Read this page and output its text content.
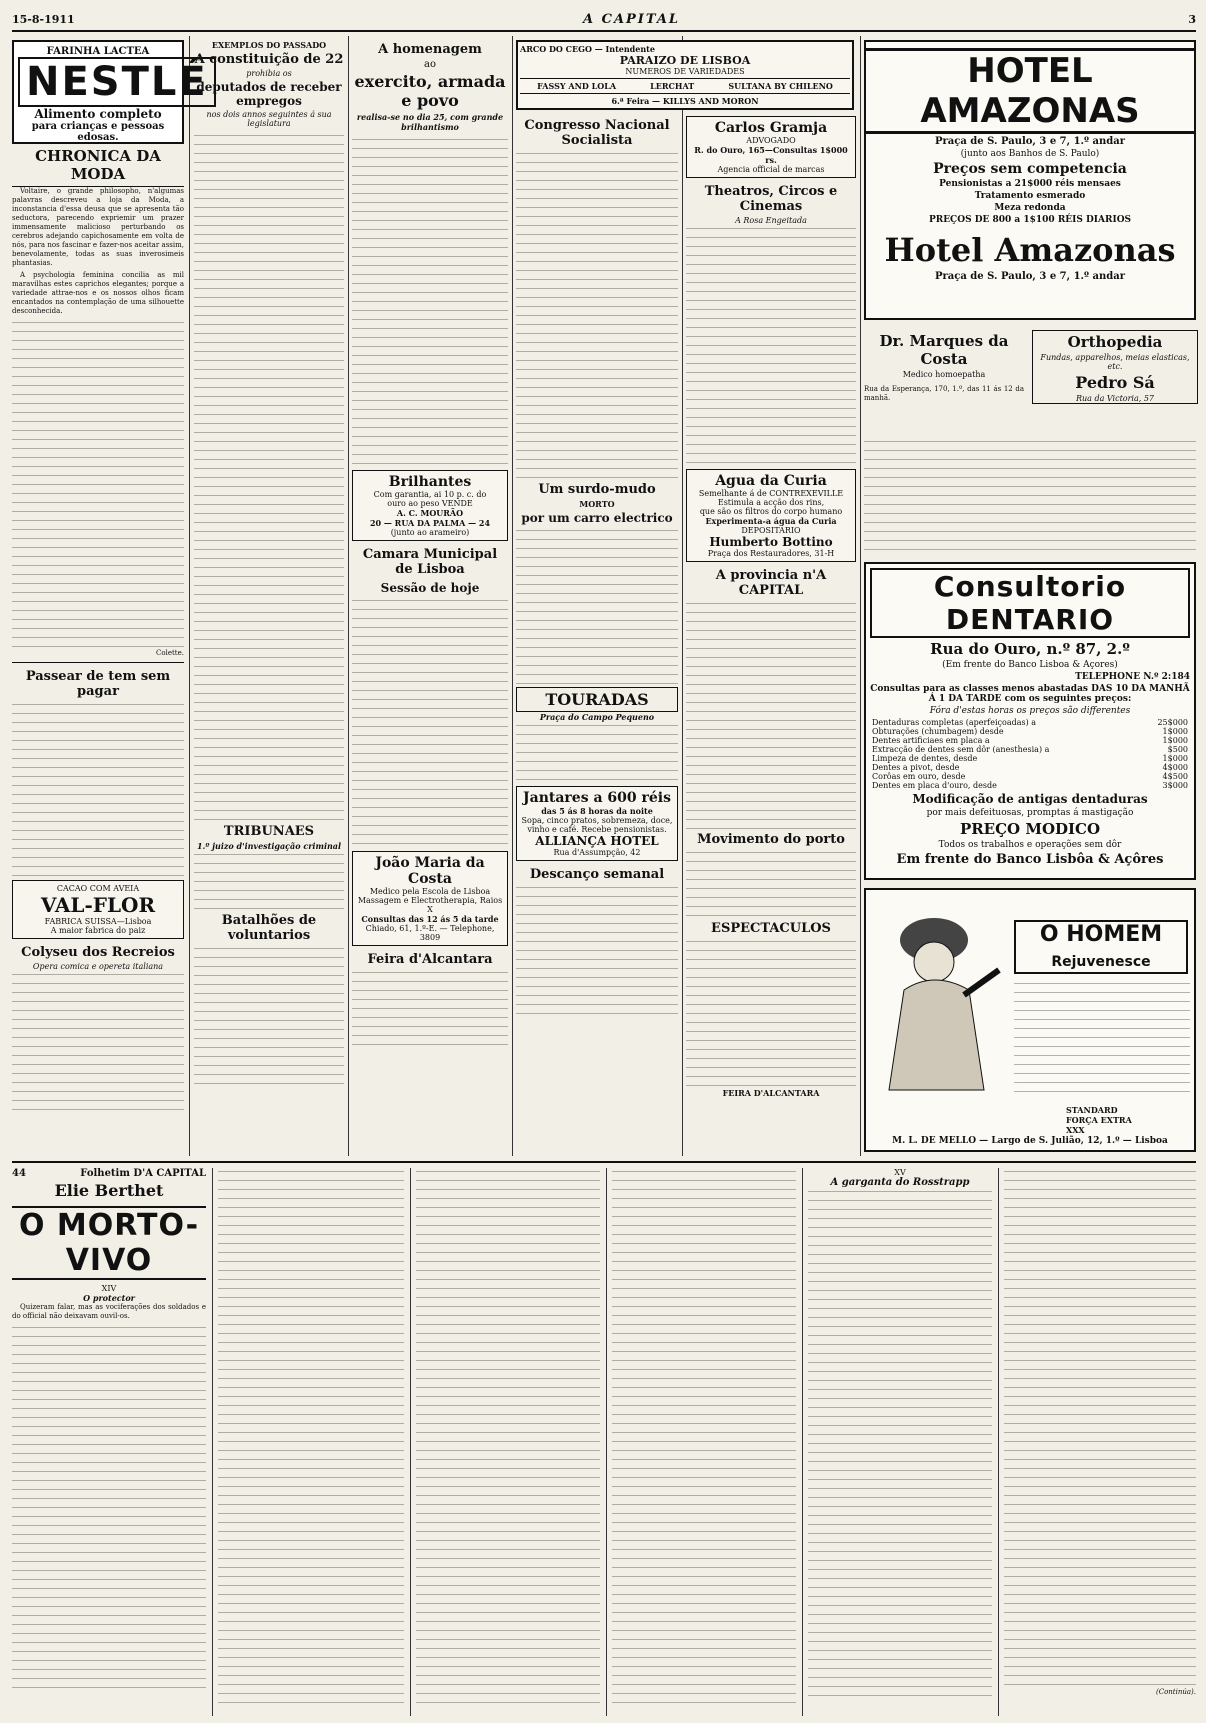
15-8-1911	A CAPITAL	3
FARINHA LACTEA
NESTLÉ
Alimento completo
para crianças e pessoas edosas.
CHRONICA DA MODA

Voltaire, o grande philosopho, n'algumas palavras descreveu a loja da Moda, a inconstancia d'essa deusa que se apresenta tão seductora, parecendo expriemir um prazer immensamente malicioso perturbando os cerebros adejando capichosamente em volta de nós, para nos fascinar e fazer-nos aceitar assim, benevolamente, todas as suas inverosimeis phantasias.

A psychologia feminina concilia as mil maravilhas estes caprichos elegantes; porque a variedade attrae-nos e os nossos olhos ficam encantados na contemplação de uma silhouette desconhecida.

Colette.
Passear de tem sem pagar
CACAO COM AVEIA
VAL-FLOR
FABRICA SUISSA—Lisboa
A maior fabrica do paiz
Colyseu dos Recreios
Opera comica e opereta italiana
EXEMPLOS DO PASSADO
A constituição de 22
prohibia os
deputados de receber empregos
nos dois annos seguintes á sua legislatura
TRIBUNAES
1.º juizo d'investigação criminal
Batalhões de voluntarios
A homenagem
ao
exercito, armada e povo
realisa-se no dia 25, com grande brilhantismo
Brilhantes
Com garantia, ai 10 p. c. do
ouro ao peso VENDE
A. C. MOURÃO
20 — RUA DA PALMA — 24
(junto ao arameiro)
Camara Municipal de Lisboa
Sessão de hoje
João Maria da Costa
Medico pela Escola de Lisboa
Massagem e Electrotherapia, Raios X
Consultas das 12 ás 5 da tarde
Chiado, 61, 1.º-E. — Telephone, 3809
Feira d'Alcantara
ARCO DO CEGO — Intendente
PARAIZO DE LISBOA
NUMEROS DE VARIEDADES
FASSY AND LOLA	LERCHAT	SULTANA BY CHILENO
6.ª Feira — KILLYS AND MORON
Congresso Nacional Socialista
Um surdo-mudo
MORTO
por um carro electrico
TOURADAS
Praça do Campo Pequeno
Jantares a 600 réis
das 5 ás 8 horas da noite
Sopa, cinco pratos, sobremeza, doce, vinho e café. Recebe pensionistas.
ALLIANÇA HOTEL
Rua d'Assumpção, 42
Descanço semanal
Carlos Gramja
ADVOGADO
R. do Ouro, 165—Consultas 1$000 rs.
Agencia official de marcas
Theatros, Circos e Cinemas
A Rosa Engeitada
Agua da Curia
Semelhante á de CONTREXEVILLE
Estimula a acção dos rins,
que são os filtros do corpo humano
Experimenta-a água da Curia
DEPOSITARIO
Humberto Bottino
Praça dos Restauradores, 31-H
A provincia n'A CAPITAL
Movimento do porto
ESPECTACULOS
FEIRA D'ALCANTARA
HOTEL AMAZONAS
Praça de S. Paulo, 3 e 7, 1.º andar
(junto aos Banhos de S. Paulo)
Preços sem competencia
Pensionistas a 21$000 réis mensaes
Tratamento esmerado
Meza redonda
PREÇOS DE 800 a 1$100 RÉIS DIARIOS
Hotel Amazonas
Praça de S. Paulo, 3 e 7, 1.º andar
Dr. Marques da Costa
Medico homoepatha
Rua da Esperança, 170, 1.º, das 11 ás 12 da manhã.
Orthopedia
Fundas, apparelhos, meias elasticas, etc.
Pedro Sá
Rua da Victoria, 57
Consultorio DENTARIO
Rua do Ouro, n.º 87, 2.º
(Em frente do Banco Lisboa & Açores)
TELEPHONE N.º 2:184
Consultas para as classes menos abastadas DAS 10 DA MANHÃ Á 1 DA TARDE com os seguintes preços:
Fóra d'estas horas os preços são differentes
Dentaduras completas (aperfeiçoadas) a	25$000
Obturações (chumbagem) desde	1$000
Dentes artificiaes em placa a	1$000
Extracção de dentes sem dôr (anesthesia) a	$500
Limpeza de dentes, desde	1$000
Dentes a pivot, desde	4$000
Corôas em ouro, desde	4$500
Dentes em placa d'ouro, desde	3$000
Modificação de antigas dentaduras
por mais defeituosas, promptas á mastigação
PREÇO MODICO
Todos os trabalhos e operações sem dôr
Em frente do Banco Lisbôa & Açôres
O HOMEM
Rejuvenesce
STANDARD
FORÇA EXTRA
XXX
M. L. DE MELLO — Largo de S. Julião, 12, 1.º — Lisboa
44	Folhetim D'A CAPITAL
Elie Berthet
O MORTO-VIVO
XIV
O protector

Quizeram falar, mas as vociferações dos soldados e do official não deixavam ouvil-os.

XV
A garganta do Rosstrapp
(Continúa).
